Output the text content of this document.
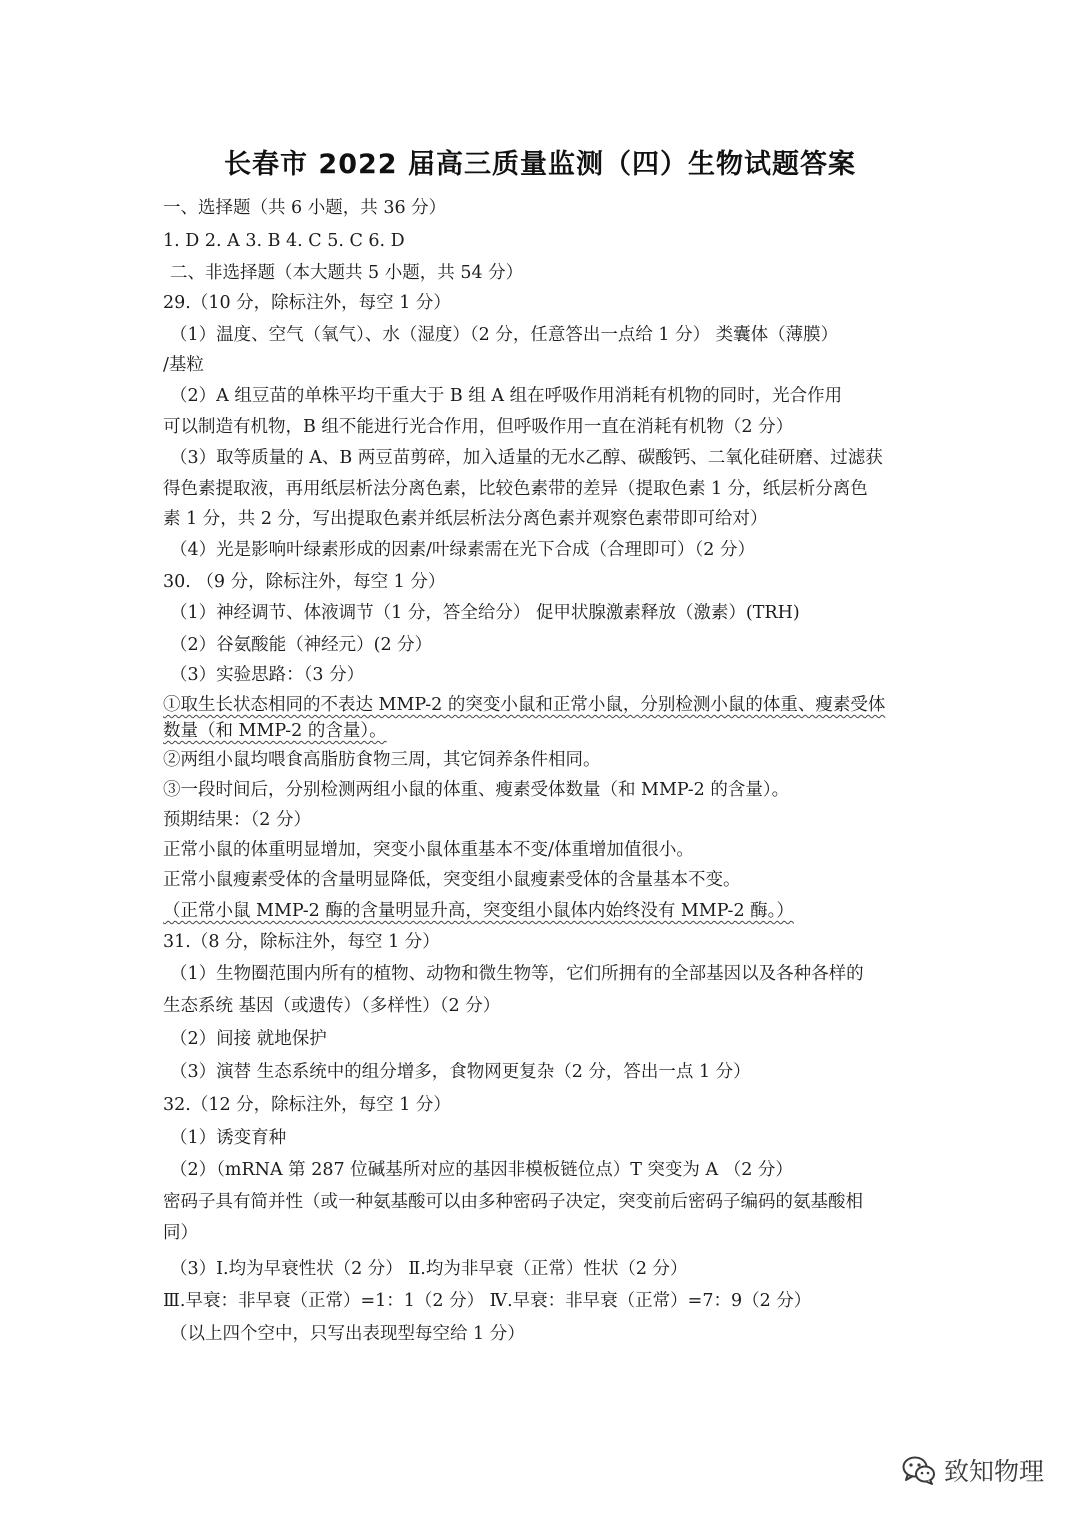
长春市 2022 届高三质量监测（四）生物试题答案
一、选择题（共 6 小题，共 36 分）
1. D 2. A 3. B 4. C 5. C 6. D
二、非选择题（本大题共 5 小题，共 54 分）
29.（10 分，除标注外，每空 1 分）
（1）温度、空气（氧气）、水（湿度）（2 分，任意答出一点给 1 分） 类囊体（薄膜）
/基粒
（2）A 组豆苗的单株平均干重大于 B 组 A 组在呼吸作用消耗有机物的同时，光合作用
可以制造有机物，B 组不能进行光合作用，但呼吸作用一直在消耗有机物（2 分）
（3）取等质量的 A、B 两豆苗剪碎，加入适量的无水乙醇、碳酸钙、二氧化硅研磨、过滤获
得色素提取液，再用纸层析法分离色素，比较色素带的差异（提取色素 1 分，纸层析分离色
素 1 分，共 2 分，写出提取色素并纸层析法分离色素并观察色素带即可给对）
（4）光是影响叶绿素形成的因素/叶绿素需在光下合成（合理即可）（2 分）
30. （9 分，除标注外，每空 1 分）
（1）神经调节、体液调节（1 分，答全给分） 促甲状腺激素释放（激素）(TRH)
（2）谷氨酸能（神经元）(2 分）
（3）实验思路：（3 分）
①取生长状态相同的不表达 MMP-2 的突变小鼠和正常小鼠，分别检测小鼠的体重、瘦素受体
数量（和 MMP-2 的含量）。
②两组小鼠均喂食高脂肪食物三周，其它饲养条件相同。
③一段时间后，分别检测两组小鼠的体重、瘦素受体数量（和 MMP-2 的含量）。
预期结果：（2 分）
正常小鼠的体重明显增加，突变小鼠体重基本不变/体重增加值很小。
正常小鼠瘦素受体的含量明显降低，突变组小鼠瘦素受体的含量基本不变。
（正常小鼠 MMP-2 酶的含量明显升高，突变组小鼠体内始终没有 MMP-2 酶。）
31.（8 分，除标注外，每空 1 分）
（1）生物圈范围内所有的植物、动物和微生物等，它们所拥有的全部基因以及各种各样的
生态系统 基因（或遗传）（多样性）（2 分）
（2）间接 就地保护
（3）演替 生态系统中的组分增多，食物网更复杂（2 分，答出一点 1 分）
32.（12 分，除标注外，每空 1 分）
（1）诱变育种
（2）（mRNA 第 287 位碱基所对应的基因非模板链位点）T 突变为 A （2 分）
密码子具有简并性（或一种氨基酸可以由多种密码子决定，突变前后密码子编码的氨基酸相
同）
（3）Ⅰ.均为早衰性状（2 分） Ⅱ.均为非早衰（正常）性状（2 分）
Ⅲ.早衰：非早衰（正常）=1：1（2 分） Ⅳ.早衰：非早衰（正常）=7：9（2 分）
（以上四个空中，只写出表现型每空给 1 分）
致知物理
